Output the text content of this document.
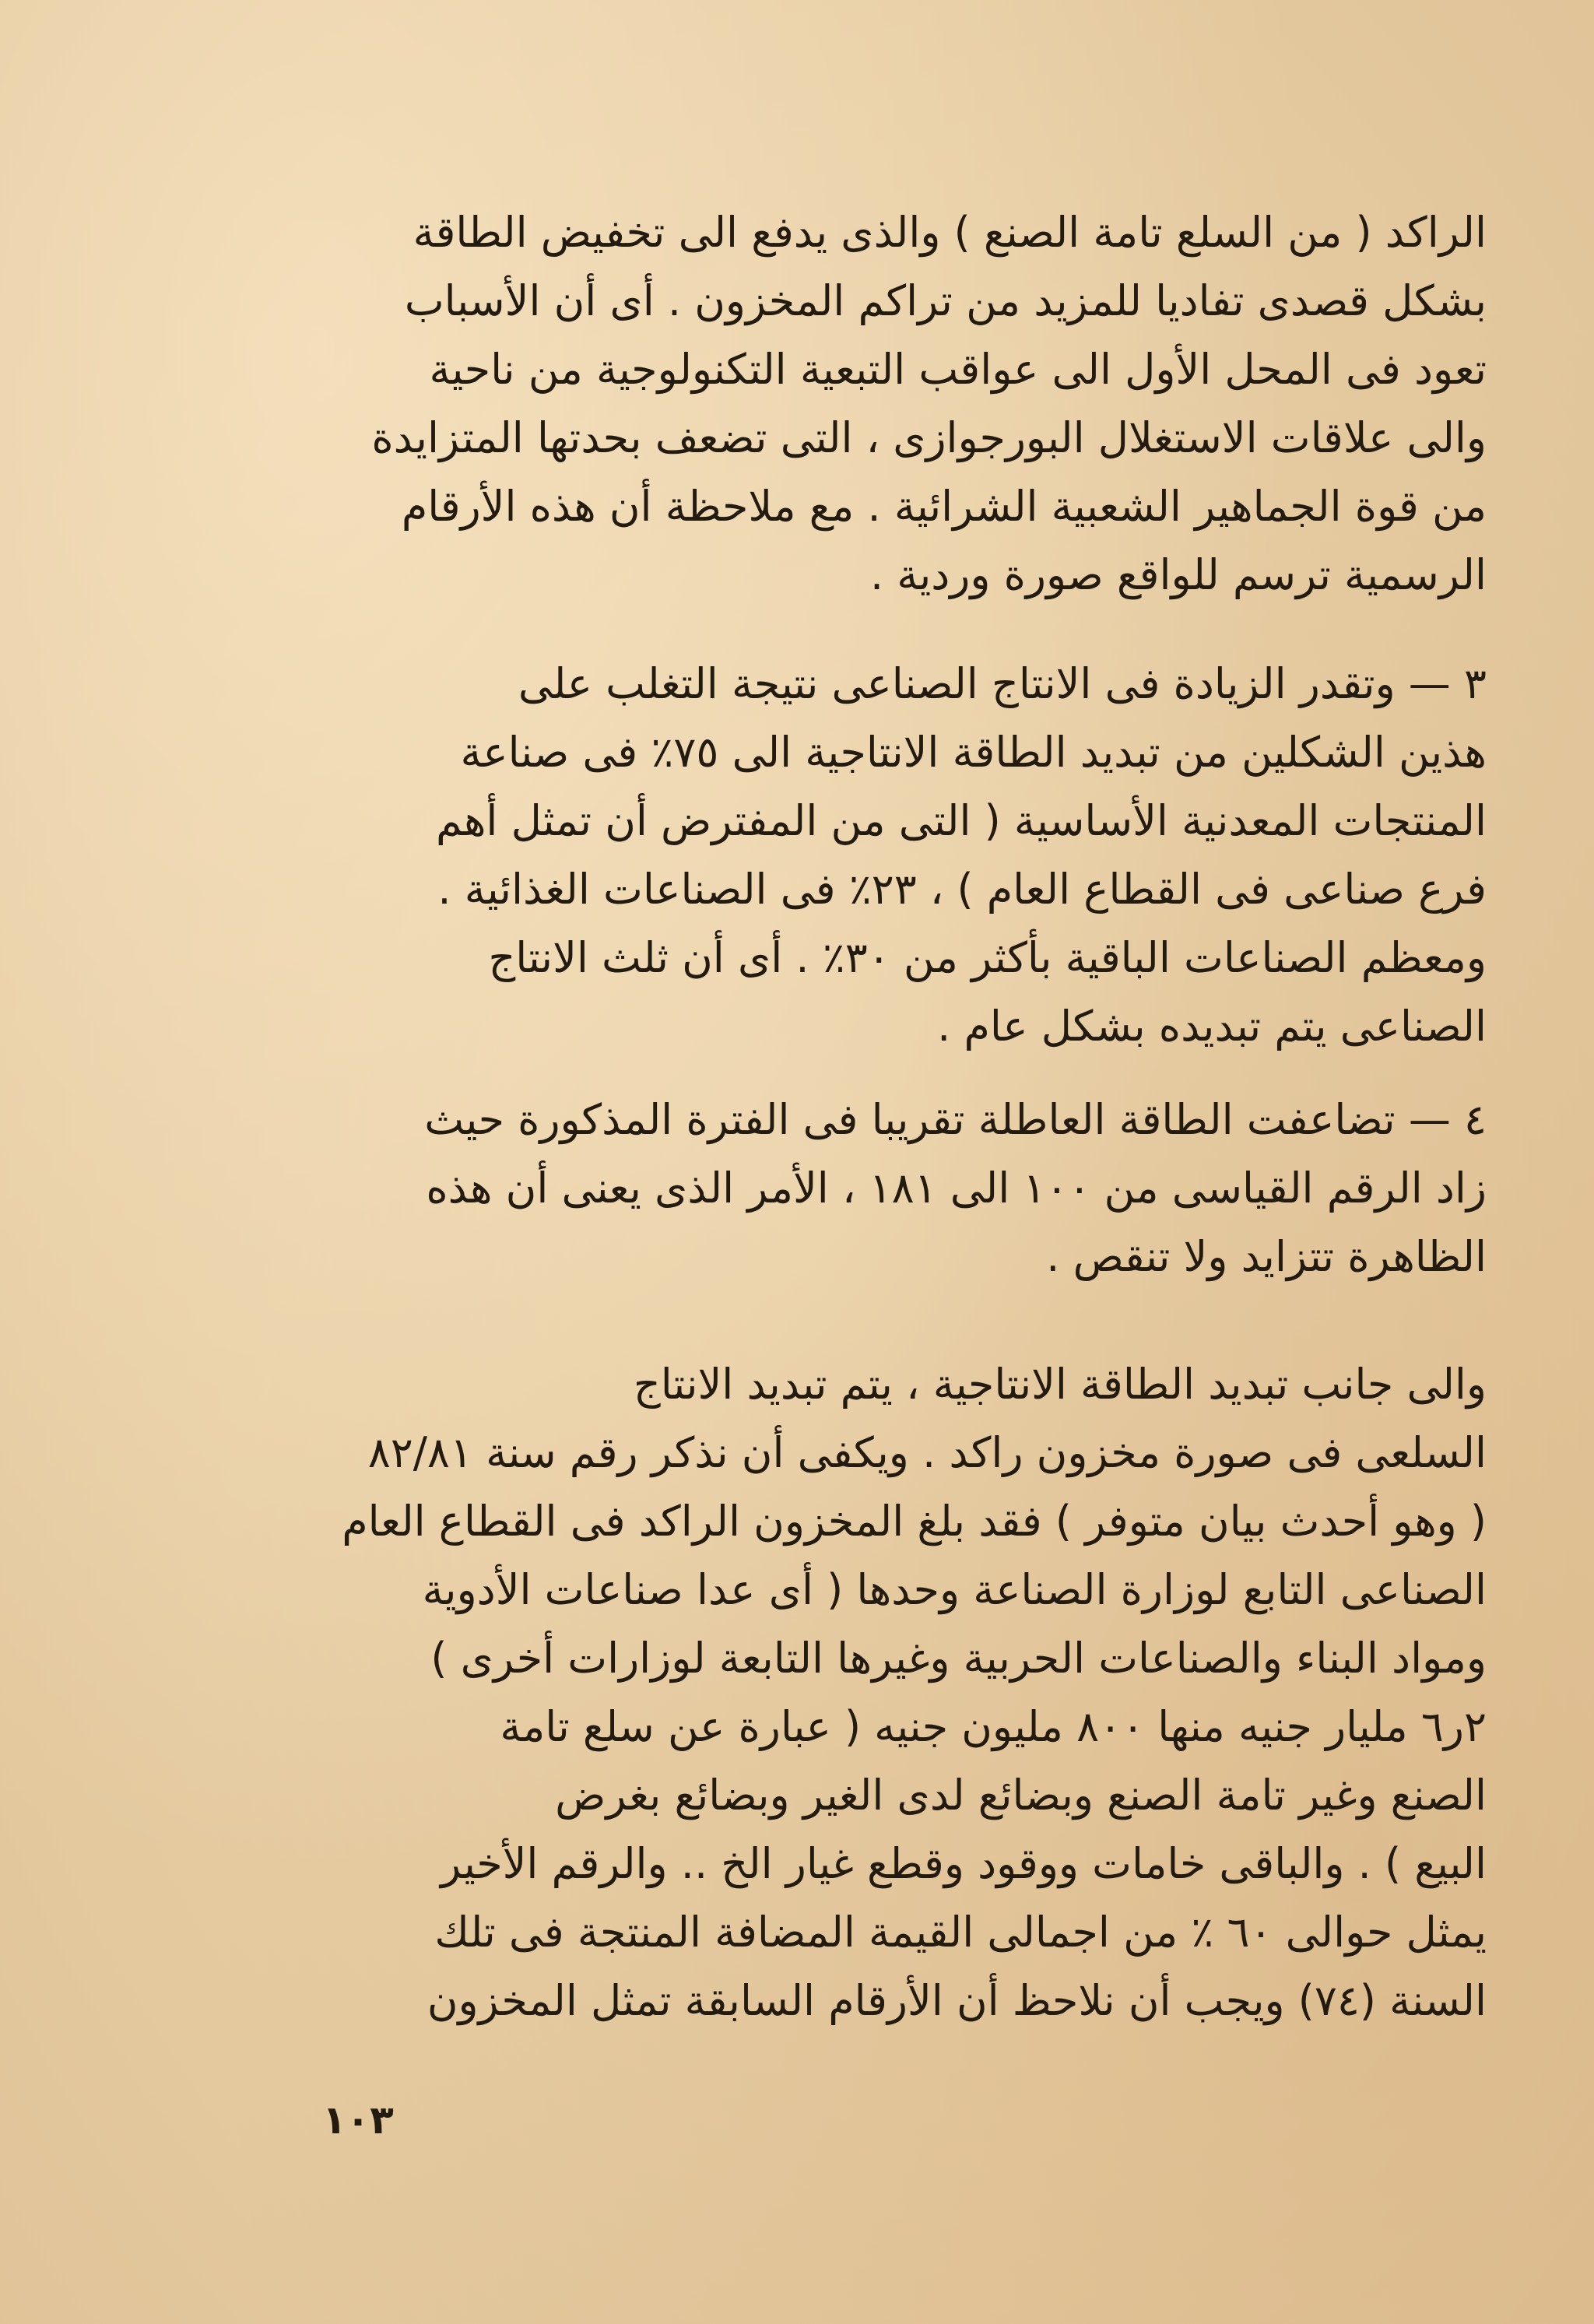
الراكد ( من السلع تامة الصنع ) والذى يدفع الى تخفيض الطاقة
بشكل قصدى تفاديا للمزيد من تراكم المخزون . أى أن الأسباب
تعود فى المحل الأول الى عواقب التبعية التكنولوجية من ناحية
والى علاقات الاستغلال البورجوازى ، التى تضعف بحدتها المتزايدة
من قوة الجماهير الشعبية الشرائية . مع ملاحظة أن هذه الأرقام
الرسمية ترسم للواقع صورة وردية .
٣ — وتقدر الزيادة فى الانتاج الصناعى نتيجة التغلب على
هذين الشكلين من تبديد الطاقة الانتاجية الى ٧٥٪ فى صناعة
المنتجات المعدنية الأساسية ( التى من المفترض أن تمثل أهم
فرع صناعى فى القطاع العام ) ، ٢٣٪ فى الصناعات الغذائية .
ومعظم الصناعات الباقية بأكثر من ٣٠٪ . أى أن ثلث الانتاج
الصناعى يتم تبديده بشكل عام .
٤ — تضاعفت الطاقة العاطلة تقريبا فى الفترة المذكورة حيث
زاد الرقم القياسى من ١٠٠ الى ١٨١ ، الأمر الذى يعنى أن هذه
الظاهرة تتزايد ولا تنقص .
والى جانب تبديد الطاقة الانتاجية ، يتم تبديد الانتاج
السلعى فى صورة مخزون راكد . ويكفى أن نذكر رقم سنة ٨٢/٨١
( وهو أحدث بيان متوفر ) فقد بلغ المخزون الراكد فى القطاع العام
الصناعى التابع لوزارة الصناعة وحدها ( أى عدا صناعات الأدوية
ومواد البناء والصناعات الحربية وغيرها التابعة لوزارات أخرى )
٢ر٦ مليار جنيه منها ٨٠٠ مليون جنيه ( عبارة عن سلع تامة
الصنع وغير تامة الصنع وبضائع لدى الغير وبضائع بغرض
البيع ) . والباقى خامات ووقود وقطع غيار الخ .. والرقم الأخير
يمثل حوالى ٦٠ ٪ من اجمالى القيمة المضافة المنتجة فى تلك
السنة (٧٤) ويجب أن نلاحظ أن الأرقام السابقة تمثل المخزون
١٠٣
